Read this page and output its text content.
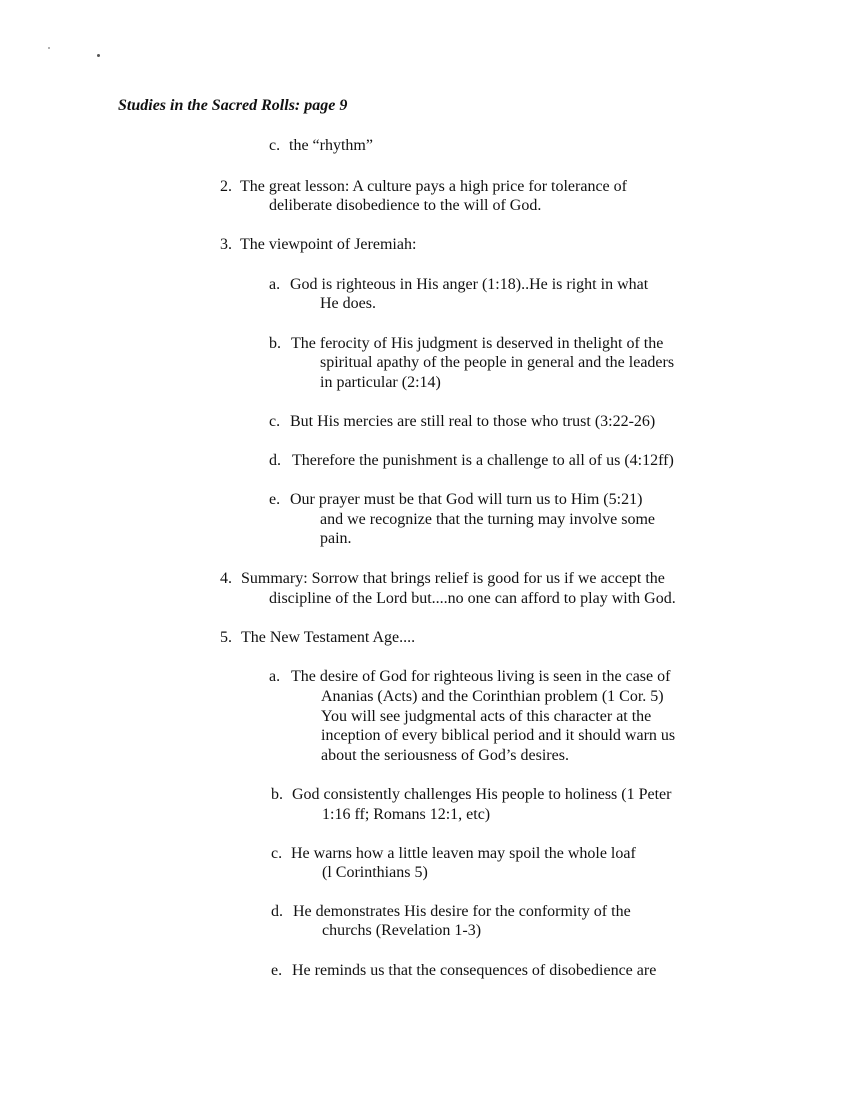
Studies in the Sacred Rolls: page 9
c. the “rhythm”
2. The great lesson: A culture pays a high price for tolerance of
deliberate disobedience to the will of God.
3. The viewpoint of Jeremiah:
a. God is righteous in His anger (1:18)..He is right in what
He does.
b. The ferocity of His judgment is deserved in thelight of the
spiritual apathy of the people in general and the leaders
in particular (2:14)
c. But His mercies are still real to those who trust (3:22-26)
d. Therefore the punishment is a challenge to all of us (4:12ff)
e. Our prayer must be that God will turn us to Him (5:21)
and we recognize that the turning may involve some
pain.
4. Summary: Sorrow that brings relief is good for us if we accept the
discipline of the Lord but....no one can afford to play with God.
5. The New Testament Age....
a. The desire of God for righteous living is seen in the case of
Ananias (Acts) and the Corinthian problem (1 Cor. 5)
You will see judgmental acts of this character at the
inception of every biblical period and it should warn us
about the seriousness of God’s desires.
b. God consistently challenges His people to holiness (1 Peter
1:16 ff; Romans 12:1, etc)
c. He warns how a little leaven may spoil the whole loaf
(l Corinthians 5)
d. He demonstrates His desire for the conformity of the
churchs (Revelation 1-3)
e. He reminds us that the consequences of disobedience are
